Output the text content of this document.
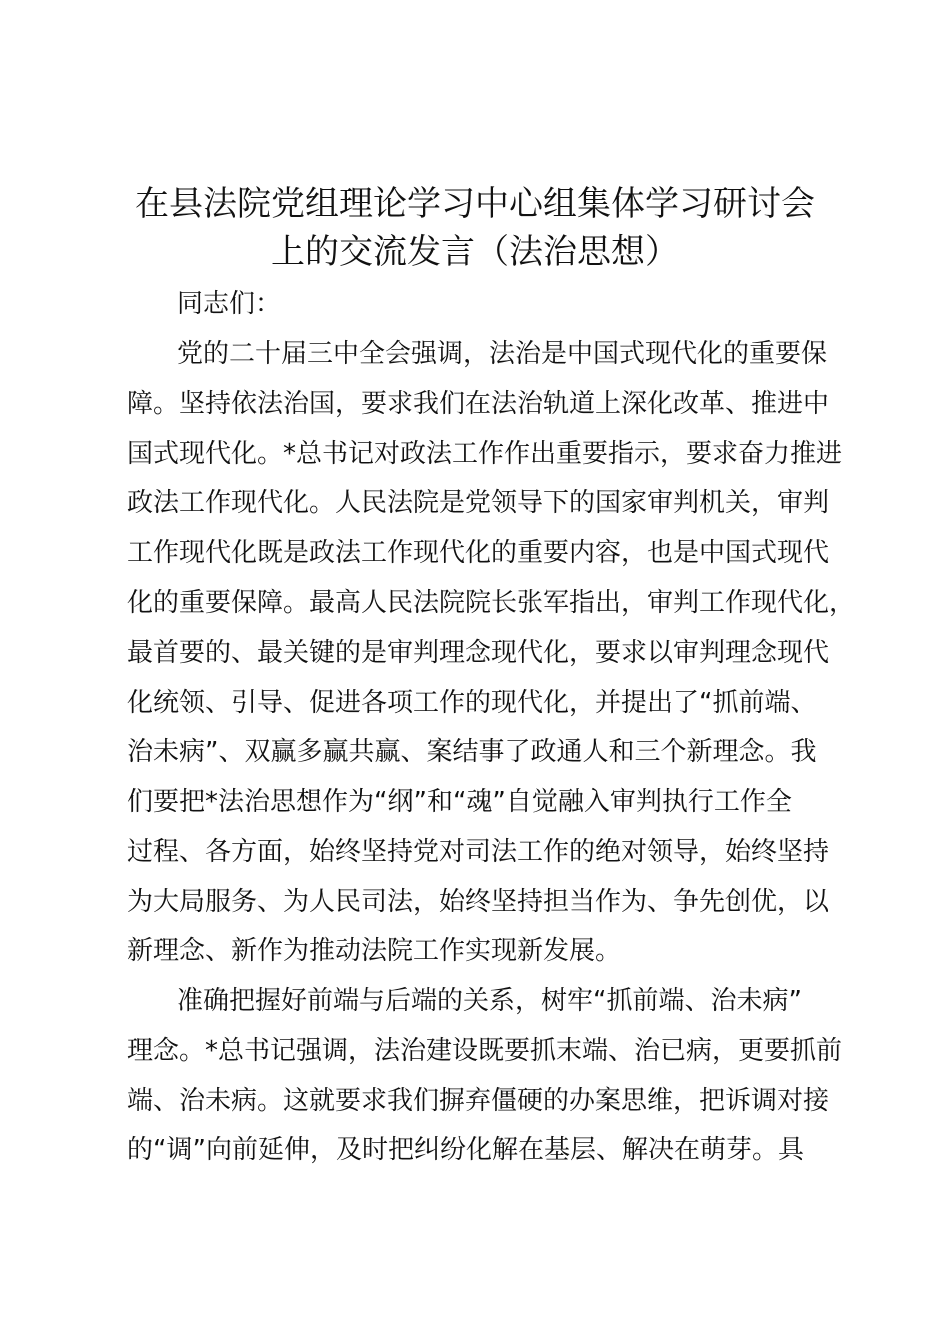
在县法院党组理论学习中心组集体学习研讨会
上的交流发言（法治思想）
同志们：
党的二十届三中全会强调，法治是中国式现代化的重要保
障。坚持依法治国，要求我们在法治轨道上深化改革、推进中
国式现代化。*总书记对政法工作作出重要指示，要求奋力推进
政法工作现代化。人民法院是党领导下的国家审判机关，审判
工作现代化既是政法工作现代化的重要内容，也是中国式现代
化的重要保障。最高人民法院院长张军指出，审判工作现代化，
最首要的、最关键的是审判理念现代化，要求以审判理念现代
化统领、引导、促进各项工作的现代化，并提出了“抓前端、
治未病”、双赢多赢共赢、案结事了政通人和三个新理念。我
们要把*法治思想作为“纲”和“魂”自觉融入审判执行工作全
过程、各方面，始终坚持党对司法工作的绝对领导，始终坚持
为大局服务、为人民司法，始终坚持担当作为、争先创优，以
新理念、新作为推动法院工作实现新发展。
准确把握好前端与后端的关系，树牢“抓前端、治未病”
理念。*总书记强调，法治建设既要抓末端、治已病，更要抓前
端、治未病。这就要求我们摒弃僵硬的办案思维，把诉调对接
的“调”向前延伸，及时把纠纷化解在基层、解决在萌芽。具
